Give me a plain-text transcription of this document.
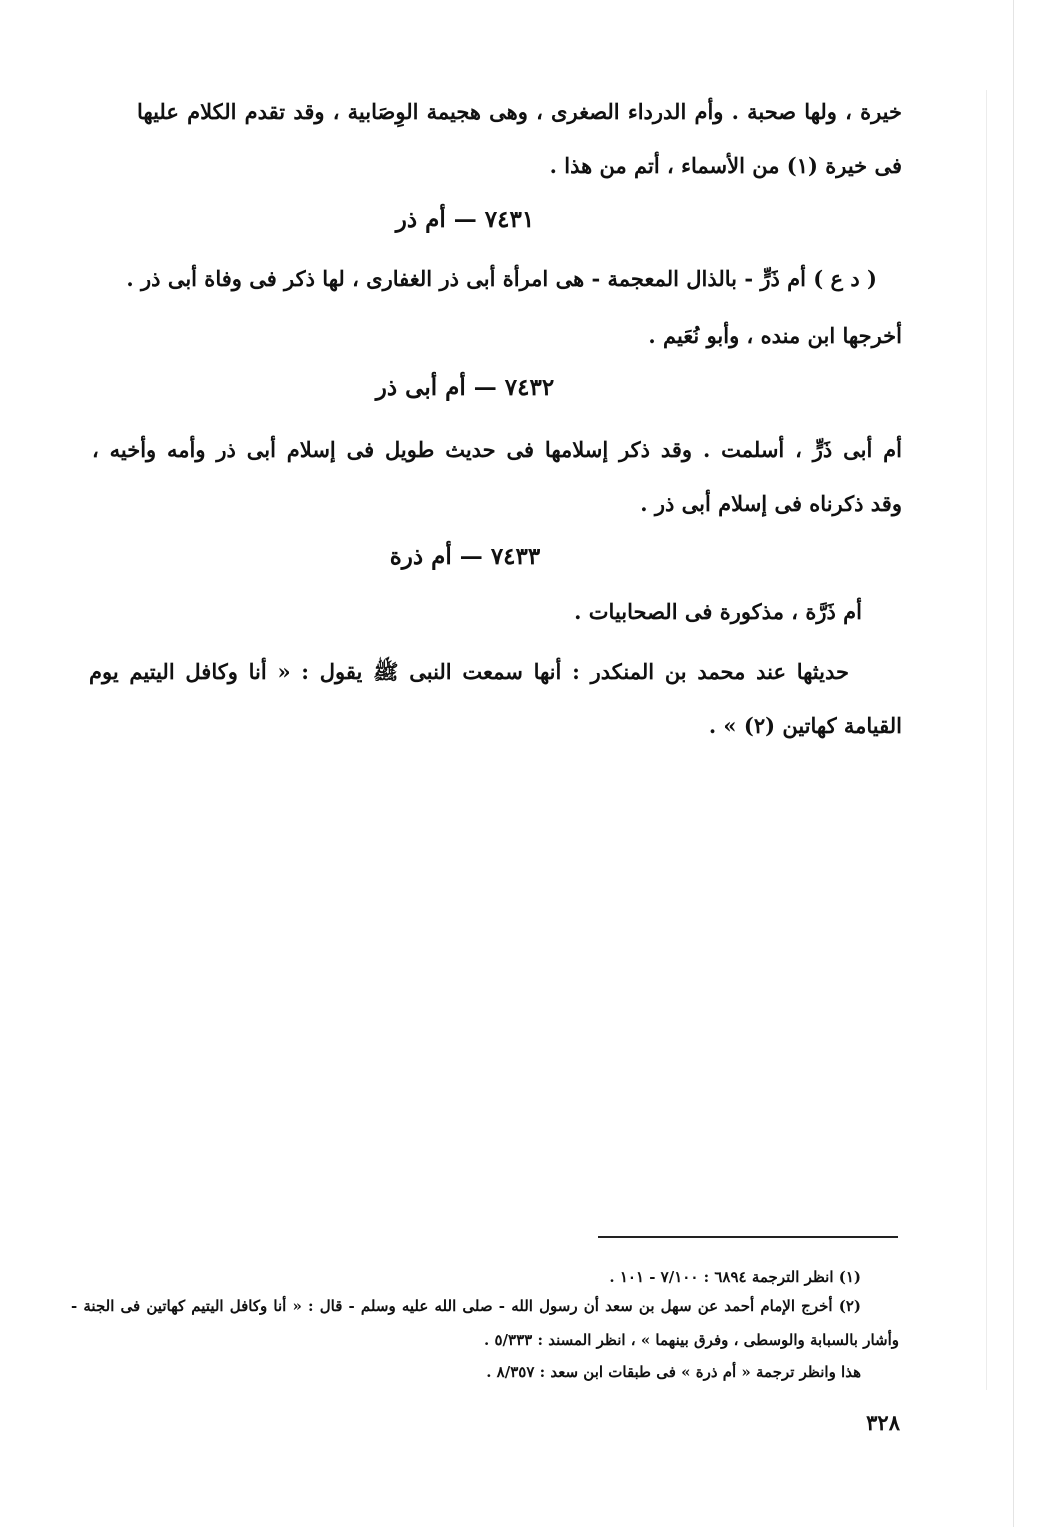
خيرة ، ولها صحبة . وأم الدرداء الصغرى ، وهى هجيمة الوِصَابية ، وقد تقدم الكلام عليها
فى خيرة (١) من الأسماء ، أتم من هذا .
٧٤٣١ — أم ذر
( د ع ) أم ذَرٍّ - بالذال المعجمة - هى امرأة أبى ذر الغفارى ، لها ذكر فى وفاة أبى ذر .
أخرجها ابن منده ، وأبو نُعَيم .
٧٤٣٢ — أم أبى ذر
أم أبى ذَرٍّ ، أسلمت . وقد ذكر إسلامها فى حديث طويل فى إسلام أبى ذر وأمه وأخيه ،
وقد ذكرناه فى إسلام أبى ذر .
٧٤٣٣ — أم ذرة
أم ذَرَّة ، مذكورة فى الصحابيات .
حديثها عند محمد بن المنكدر : أنها سمعت النبى ﷺ يقول : « أنا وكافل اليتيم يوم
القيامة كهاتين (٢) » .
(١) انظر الترجمة ٦٨٩٤ : ٧/١٠٠ - ١٠١ .
(٢) أخرج الإمام أحمد عن سهل بن سعد أن رسول الله - صلى الله عليه وسلم - قال : « أنا وكافل اليتيم كهاتين فى الجنة -
وأشار بالسبابة والوسطى ، وفرق بينهما » ، انظر المسند : ٥/٣٣٣ .
هذا وانظر ترجمة « أم ذرة » فى طبقات ابن سعد : ٨/٣٥٧ .
٣٢٨
